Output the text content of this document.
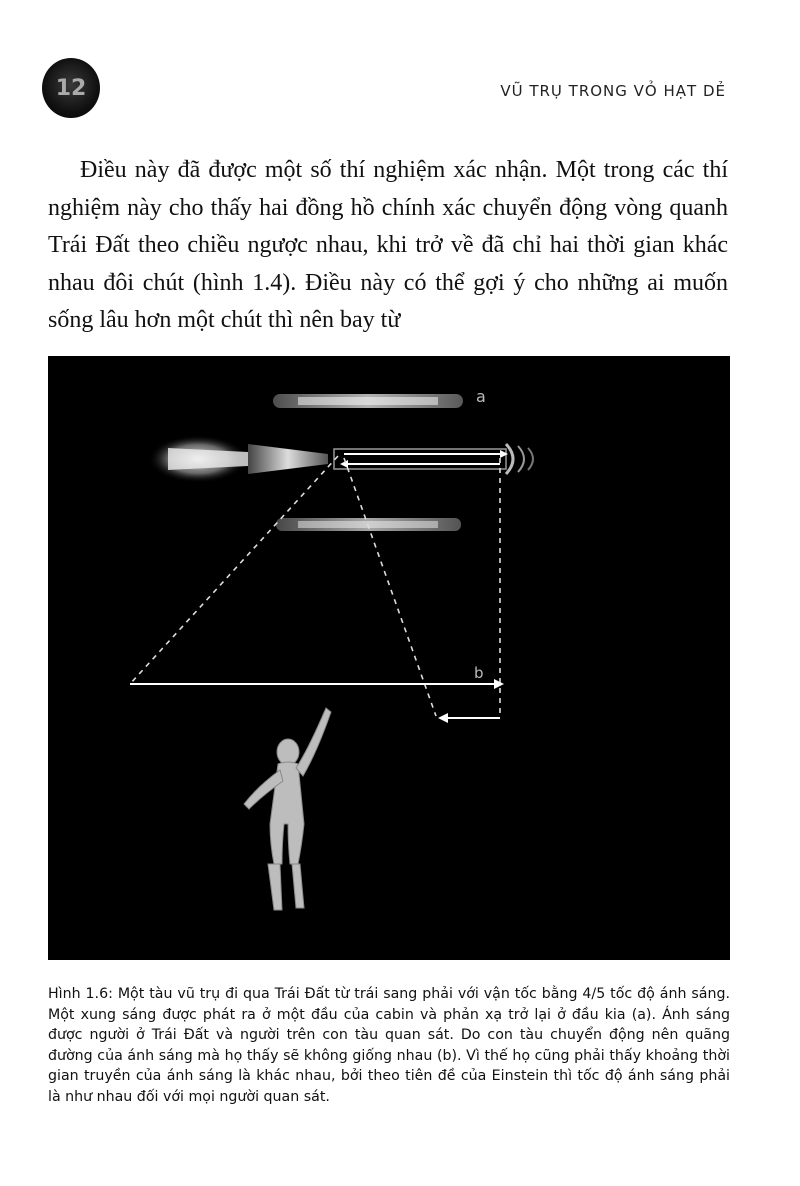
12	VŨ TRỤ TRONG VỎ HẠT DẺ

Điều này đã được một số thí nghiệm xác nhận. Một trong các thí nghiệm này cho thấy hai đồng hồ chính xác chuyển động vòng quanh Trái Đất theo chiều ngược nhau, khi trở về đã chỉ hai thời gian khác nhau đôi chút (hình 1.4). Điều này có thể gợi ý cho những ai muốn sống lâu hơn một chút thì nên bay từ

a
b

Hình 1.6: Một tàu vũ trụ đi qua Trái Đất từ trái sang phải với vận tốc bằng 4/5 tốc độ ánh sáng. Một xung sáng được phát ra ở một đầu của cabin và phản xạ trở lại ở đầu kia (a). Ánh sáng được người ở Trái Đất và người trên con tàu quan sát. Do con tàu chuyển động nên quãng đường của ánh sáng mà họ thấy sẽ không giống nhau (b). Vì thế họ cũng phải thấy khoảng thời gian truyền của ánh sáng là khác nhau, bởi theo tiên đề của Einstein thì tốc độ ánh sáng phải là như nhau đối với mọi người quan sát.
